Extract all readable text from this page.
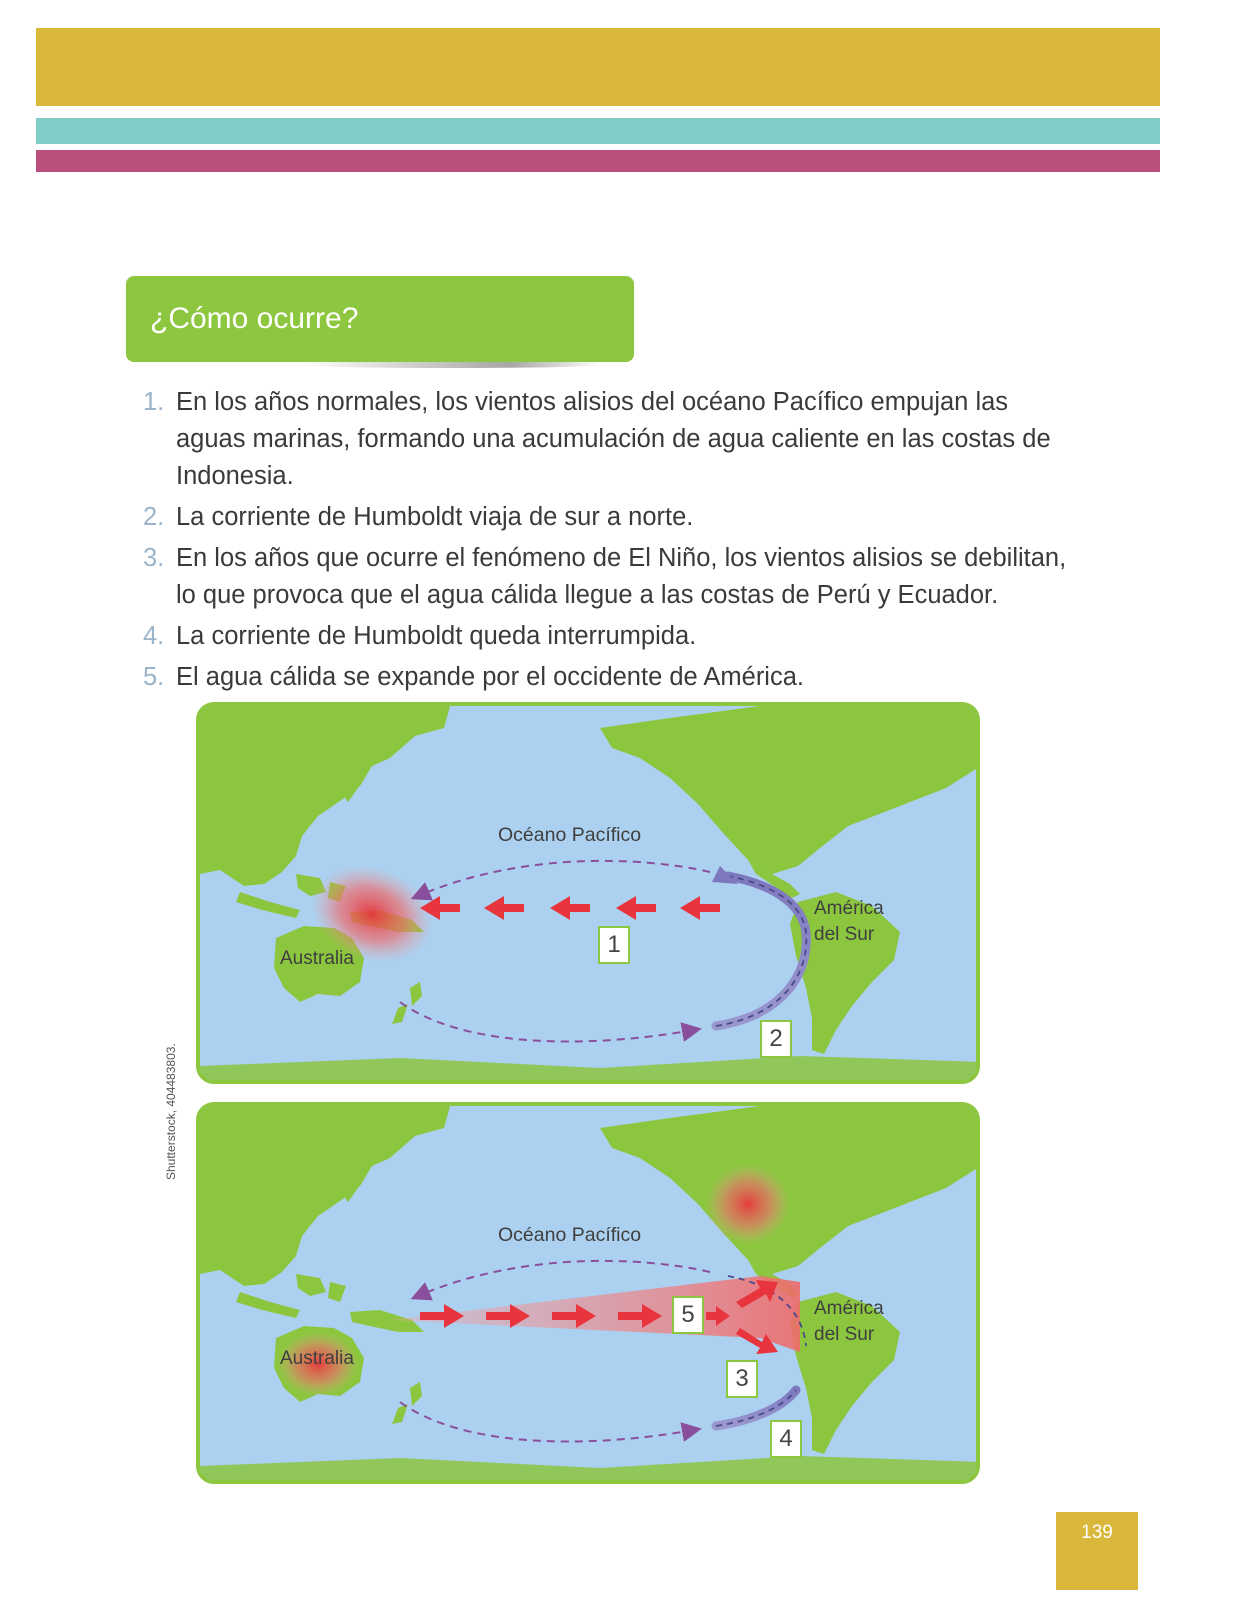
¿Cómo ocurre?
1. En los años normales, los vientos alisios del océano Pacífico empujan las aguas marinas, formando una acumulación de agua caliente en las costas de Indonesia.
2. La corriente de Humboldt viaja de sur a norte.
3. En los años que ocurre el fenómeno de El Niño, los vientos alisios se debilitan, lo que provoca que el agua cálida llegue a las costas de Perú y Ecuador.
4. La corriente de Humboldt queda interrumpida.
5. El agua cálida se expande por el occidente de América.
Océano Pacífico
Australia
América
del Sur
1
2
Océano Pacífico
Australia
América
del Sur
5
3
4
Shutterstock, 404483803.
139
